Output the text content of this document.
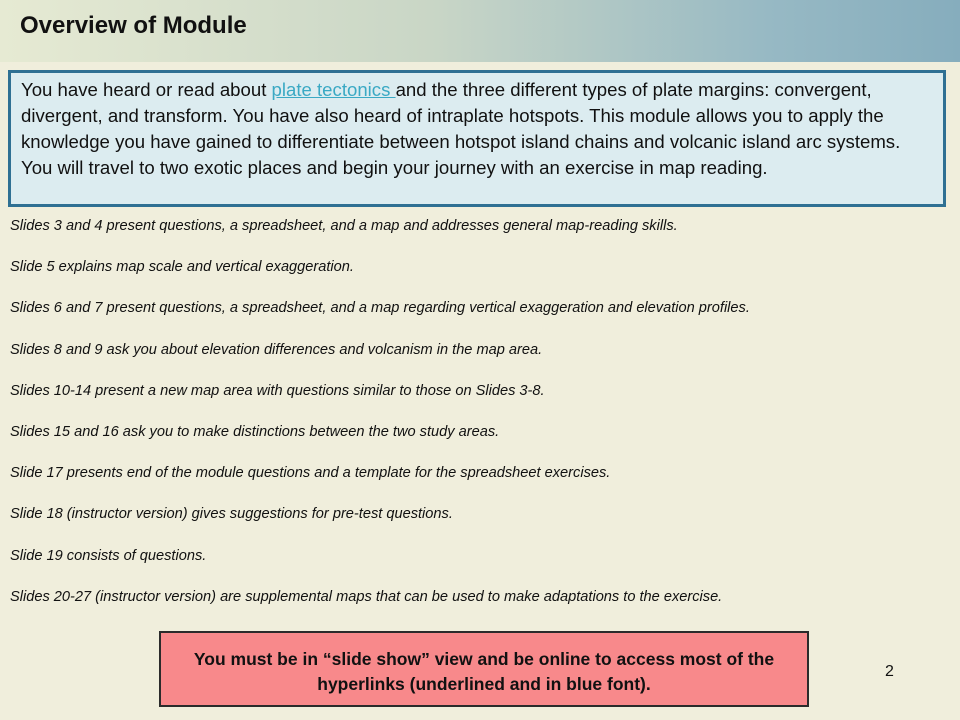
Overview of Module
You have heard or read about plate tectonics and the three different types of plate margins: convergent, divergent, and transform. You have also heard of intraplate hotspots. This module allows you to apply the knowledge you have gained to differentiate between hotspot island chains and volcanic island arc systems. You will travel to two exotic places and begin your journey with an exercise in map reading.
Slides 3 and 4 present questions, a spreadsheet, and a map and addresses general map-reading skills.
Slide 5 explains map scale and vertical exaggeration.
Slides 6 and 7 present questions, a spreadsheet, and a map regarding vertical exaggeration and elevation profiles.
Slides 8 and 9 ask you about elevation differences and volcanism in the map area.
Slides 10-14 present a new map area with questions similar to those on Slides 3-8.
Slides 15 and 16 ask you to make distinctions between the two study areas.
Slide 17 presents end of the module questions and a template for the spreadsheet exercises.
Slide 18 (instructor version) gives suggestions for pre-test questions.
Slide 19 consists of questions.
Slides 20-27 (instructor version) are supplemental maps that can be used to make adaptations to the exercise.
You must be in “slide show” view and be online to access most of the hyperlinks (underlined and in blue font).
2
